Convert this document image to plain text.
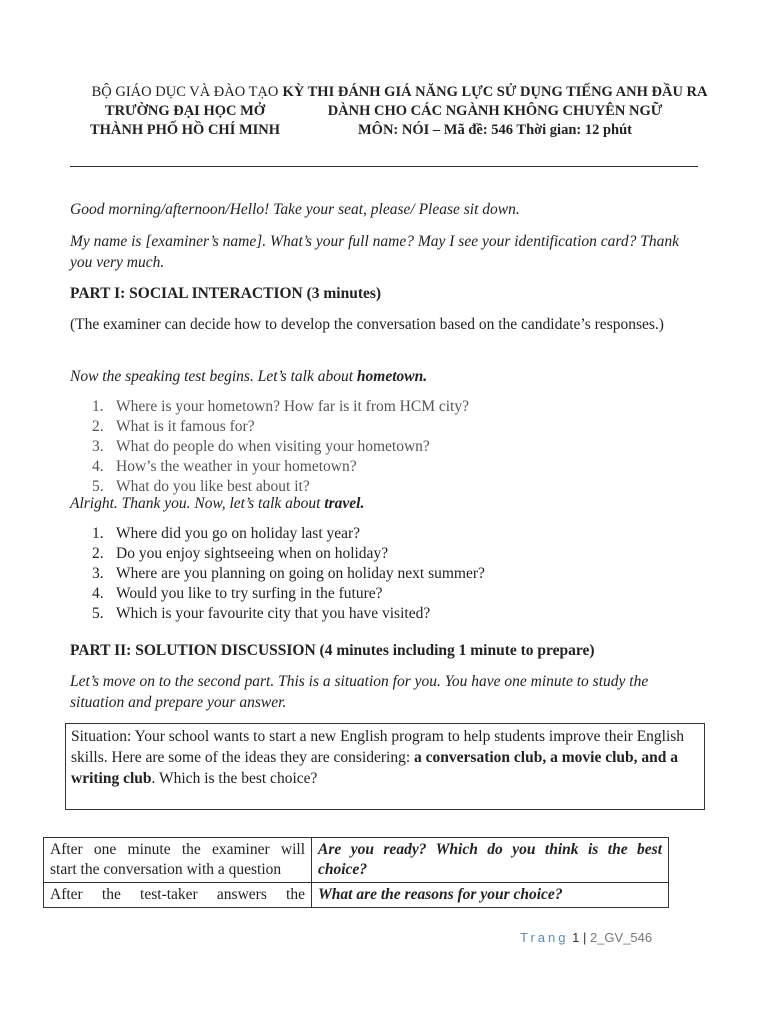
BỘ GIÁO DỤC VÀ ĐÀO TẠO
TRƯỜNG ĐẠI HỌC MỞ
THÀNH PHỐ HỒ CHÍ MINH
KỲ THI ĐÁNH GIÁ NĂNG LỰC SỬ DỤNG TIẾNG ANH ĐẦU RA
DÀNH CHO CÁC NGÀNH KHÔNG CHUYÊN NGỮ
MÔN: NÓI – Mã đề: 546 Thời gian: 12 phút
Good morning/afternoon/Hello! Take your seat, please/ Please sit down.
My name is [examiner’s name]. What’s your full name? May I see your identification card? Thank you very much.
PART I: SOCIAL INTERACTION (3 minutes)
(The examiner can decide how to develop the conversation based on the candidate’s responses.)
Now the speaking test begins. Let’s talk about hometown.
1. Where is your hometown? How far is it from HCM city?
2. What is it famous for?
3. What do people do when visiting your hometown?
4. How’s the weather in your hometown?
5. What do you like best about it?
Alright. Thank you. Now, let’s talk about travel.
1. Where did you go on holiday last year?
2. Do you enjoy sightseeing when on holiday?
3. Where are you planning on going on holiday next summer?
4. Would you like to try surfing in the future?
5. Which is your favourite city that you have visited?
PART II: SOLUTION DISCUSSION (4 minutes including 1 minute to prepare)
Let’s move on to the second part. This is a situation for you. You have one minute to study the situation and prepare your answer.
Situation: Your school wants to start a new English program to help students improve their English skills. Here are some of the ideas they are considering: a conversation club, a movie club, and a writing club. Which is the best choice?
After one minute the examiner will
start the conversation with a question	Are you ready? Which do you think is the best choice?

After the test-taker answers the	What are the reasons for your choice?
Trang 1 | 2_GV_546
